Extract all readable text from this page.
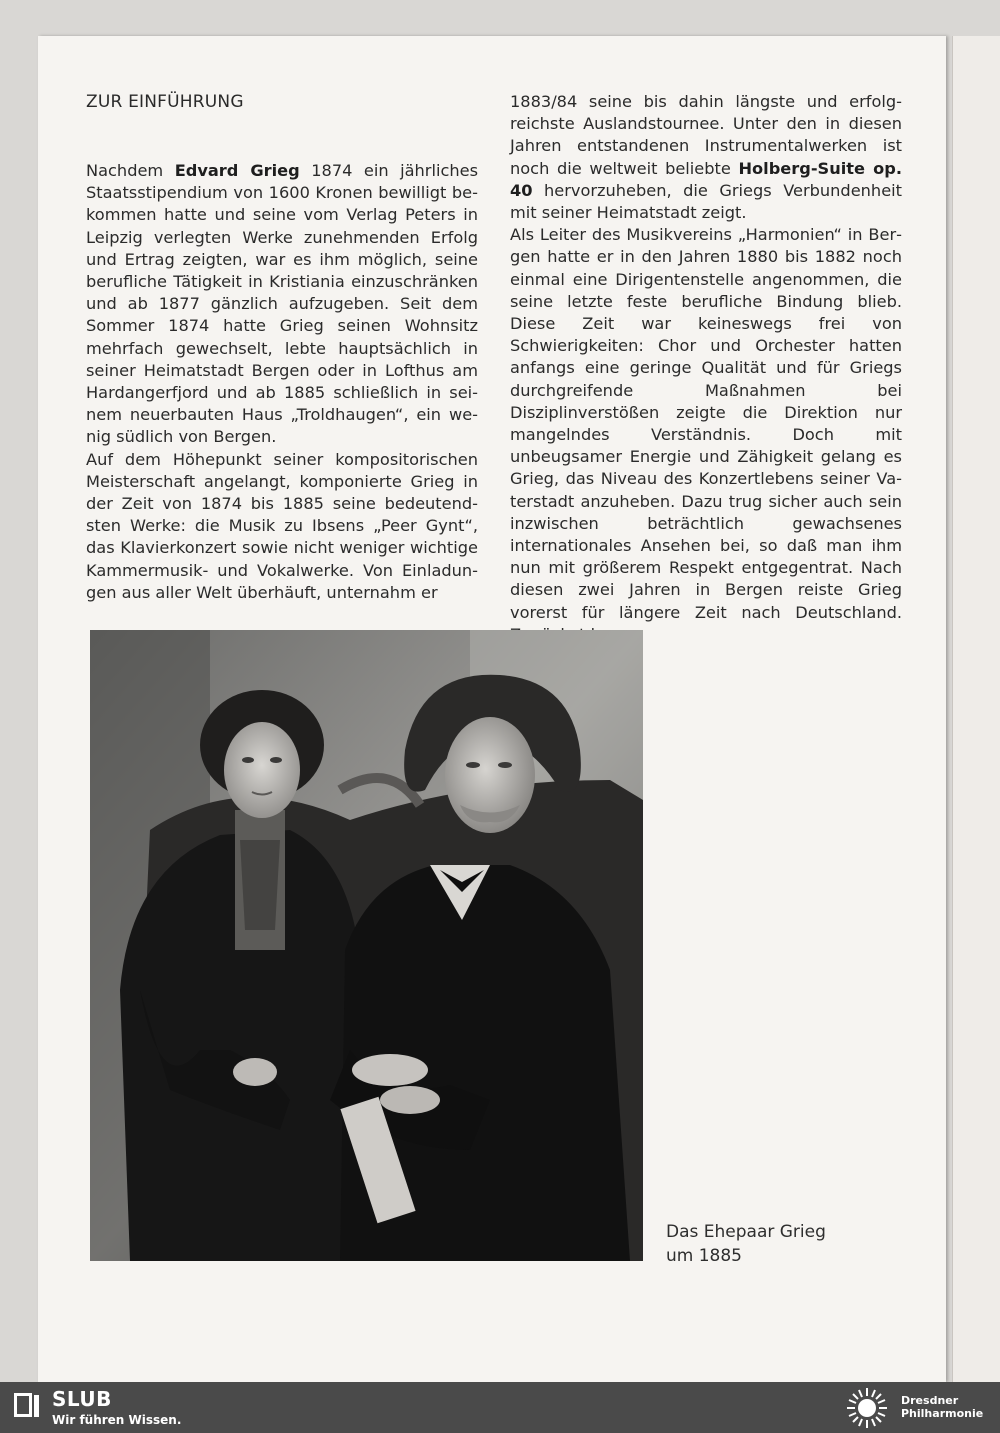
ZUR EINFÜHRUNG

Nachdem Edvard Grieg 1874 ein jährliches Staatsstipendium von 1600 Kronen bewilligt bekommen hatte und seine vom Verlag Peters in Leipzig verlegten Werke zunehmenden Erfolg und Ertrag zeigten, war es ihm möglich, seine berufliche Tätigkeit in Kristiania einzuschränken und ab 1877 gänzlich aufzugeben. Seit dem Sommer 1874 hatte Grieg seinen Wohnsitz mehrfach gewechselt, lebte hauptsächlich in seiner Heimatstadt Bergen oder in Lofthus am Hardangerfjord und ab 1885 schließlich in seinem neuerbauten Haus „Troldhaugen“, ein wenig südlich von Bergen.

Auf dem Höhepunkt seiner kompositorischen Meisterschaft angelangt, komponierte Grieg in der Zeit von 1874 bis 1885 seine bedeutendsten Werke: die Musik zu Ibsens „Peer Gynt“, das Klavierkonzert sowie nicht weniger wichtige Kammermusik- und Vokalwerke. Von Einladungen aus aller Welt überhäuft, unternahm er

1883/84 seine bis dahin längste und erfolgreichste Auslandstournee. Unter den in diesen Jahren entstandenen Instrumentalwerken ist noch die weltweit beliebte Holberg-Suite op. 40 hervorzuheben, die Griegs Verbundenheit mit seiner Heimatstadt zeigt.

Als Leiter des Musikvereins „Harmonien“ in Bergen hatte er in den Jahren 1880 bis 1882 noch einmal eine Dirigentenstelle angenommen, die seine letzte feste berufliche Bindung blieb. Diese Zeit war keineswegs frei von Schwierigkeiten: Chor und Orchester hatten anfangs eine geringe Qualität und für Griegs durchgreifende Maßnahmen bei Disziplinverstößen zeigte die Direktion nur mangelndes Verständnis. Doch mit unbeugsamer Energie und Zähigkeit gelang es Grieg, das Niveau des Konzertlebens seiner Vaterstadt anzuheben. Dazu trug sicher auch sein inzwischen beträchtlich gewachsenes internationales Ansehen bei, so daß man ihm nun mit größerem Respekt entgegentrat. Nach diesen zwei Jahren in Bergen reiste Grieg vorerst für längere Zeit nach Deutschland.

Das Ehepaar Grieg
um 1885
SLUB
Wir führen Wissen.
Dresdner
Philharmonie
